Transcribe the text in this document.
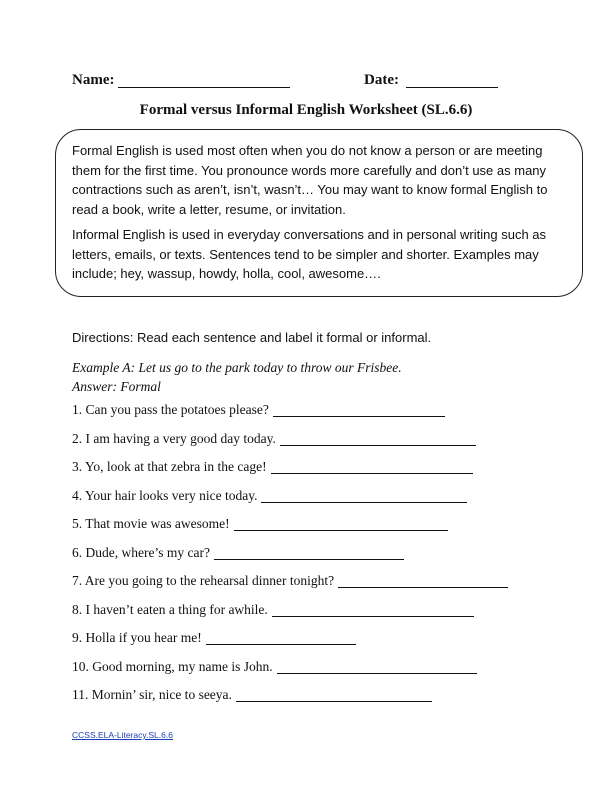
Name:	Date:
Formal versus Informal English Worksheet (SL.6.6)

Formal English is used most often when you do not know a person or are meeting them for the first time. You pronounce words more carefully and don’t use as many contractions such as aren’t, isn’t, wasn’t… You may want to know formal English to read a book, write a letter, resume, or invitation.

Informal English is used in everyday conversations and in personal writing such as letters, emails, or texts. Sentences tend to be simpler and shorter. Examples may include; hey, wassup, howdy, holla, cool, awesome….

Directions: Read each sentence and label it formal or informal.
Example A: Let us go to the park today to throw our Frisbee.
Answer: Formal
1. Can you pass the potatoes please?
2. I am having a very good day today.
3. Yo, look at that zebra in the cage!
4. Your hair looks very nice today.
5. That movie was awesome!
6. Dude, where’s my car?
7. Are you going to the rehearsal dinner tonight?
8. I haven’t eaten a thing for awhile.
9. Holla if you hear me!
10. Good morning, my name is John.
11. Mornin’ sir, nice to seeya.
CCSS.ELA-Literacy.SL.6.6
